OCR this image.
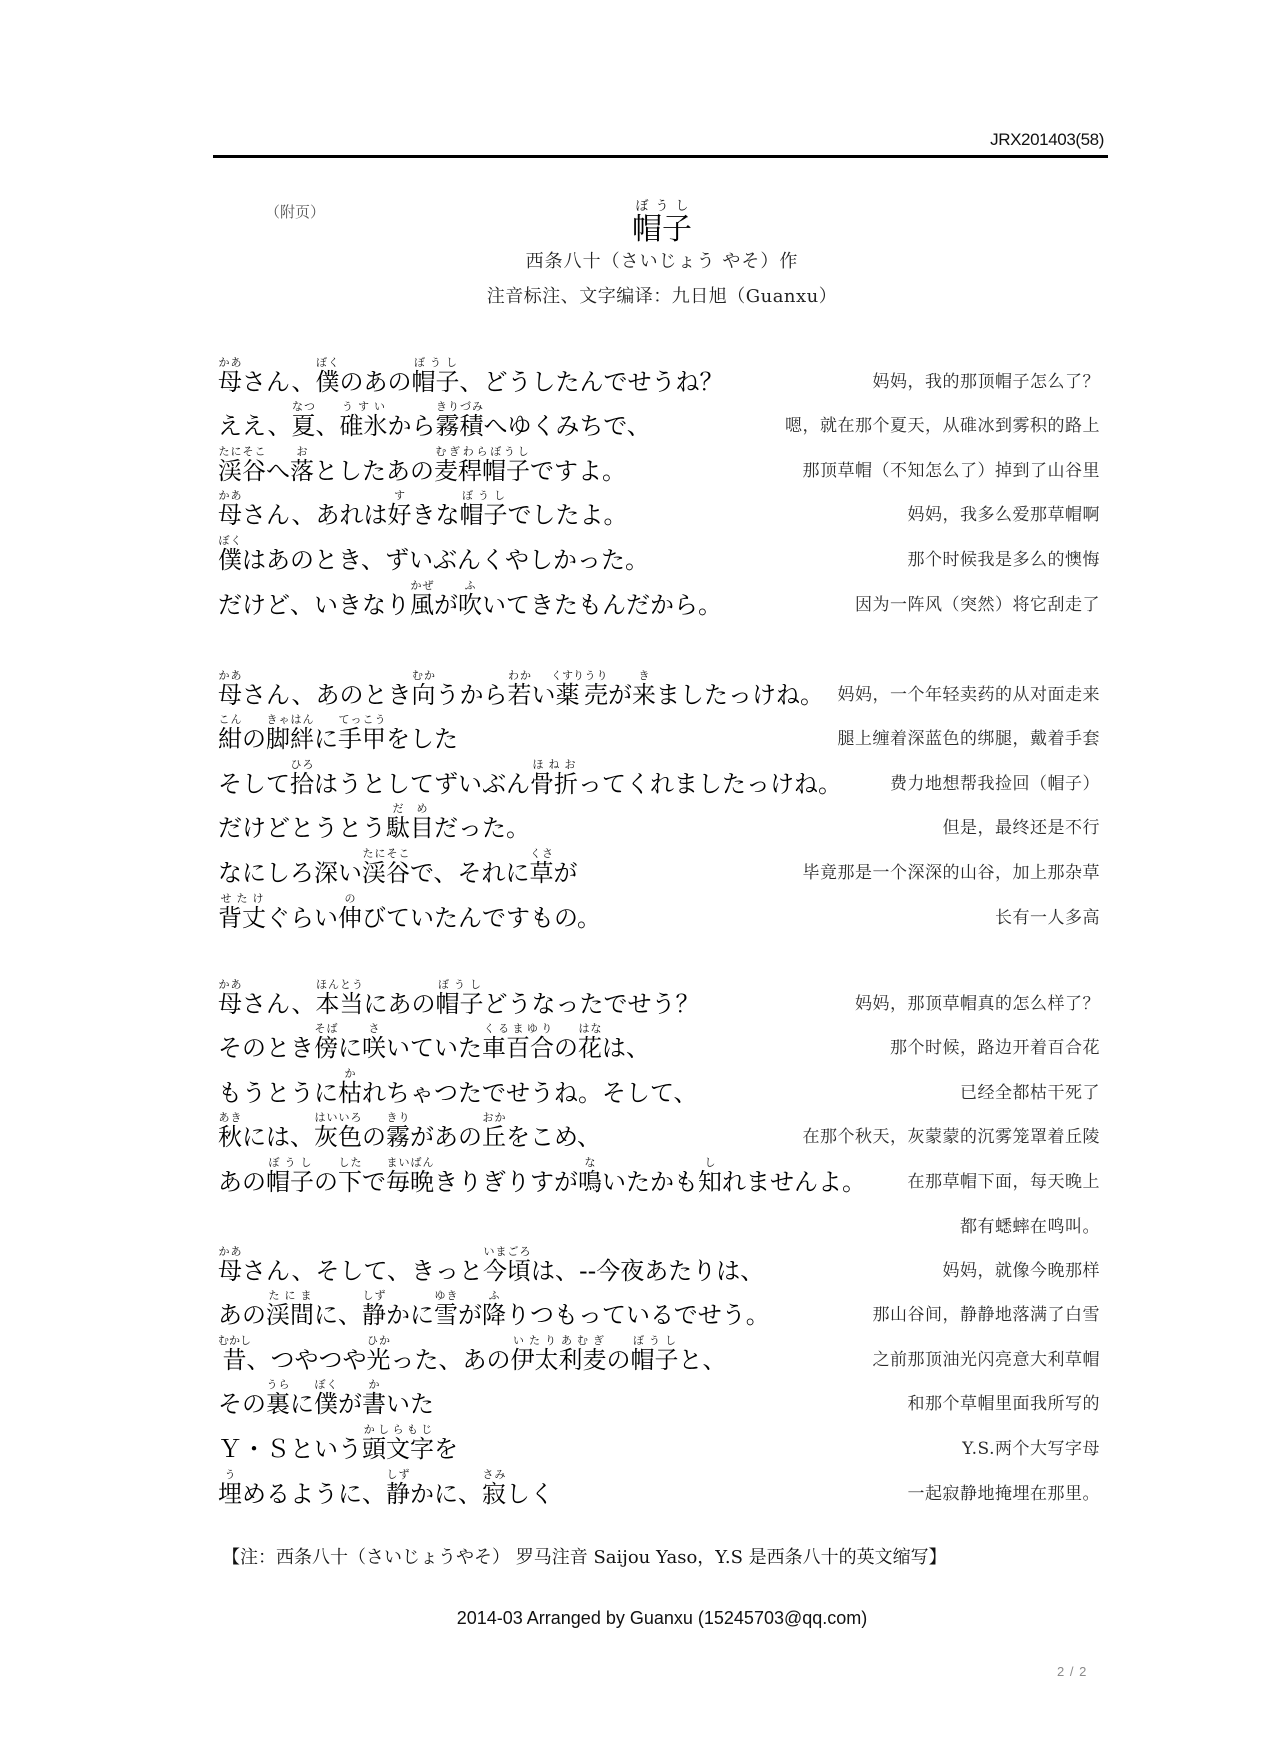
JRX201403(58)
（附页）	帽子ぼうし
西条八十（さいじょう やそ）作
注音标注、文字编译：九日旭（Guanxu）
母かあさん、僕ぼくのあの帽子ぼうし、どうしたんでせうね？	妈妈，我的那顶帽子怎么了？
ええ、夏なつ、碓氷うすいから霧積きりづみへゆくみちで、	嗯，就在那个夏天，从碓冰到雾积的路上
渓谷たにそこへ落おとしたあの麦稈帽子むぎわらぼうしですよ。	那顶草帽（不知怎么了）掉到了山谷里
母かあさん、あれは好すきな帽子ぼうしでしたよ。	妈妈，我多么爱那草帽啊
僕ぼくはあのとき、ずいぶんくやしかった。	那个时候我是多么的懊悔
だけど、いきなり風かぜが吹ふいてきたもんだから。	因为一阵风（突然）将它刮走了
母かあさん、あのとき向むかうから若わかい薬くすり売うりが来きましたっけね。 妈妈，一个年轻卖药的从对面走来
紺こんの脚絆きゃはんに手甲てっこうをした	腿上缠着深蓝色的绑腿，戴着手套
そして拾ひろはうとしてずいぶん骨折ほねおってくれましたっけね。	费力地想帮我捡回（帽子）
だけどとうとう駄目だめだった。	但是，最终还是不行
なにしろ深い渓谷たにそこで、それに草くさが	毕竟那是一个深深的山谷，加上那杂草
背丈せたけぐらい伸のびていたんですもの。	长有一人多高
母かあさん、本当ほんとうにあの帽子ぼうしどうなったでせう？	妈妈，那顶草帽真的怎么样了？
そのとき傍そばに咲さいていた車百合くるまゆりの花はなは、	那个时候，路边开着百合花
もうとうに枯かれちゃつたでせうね。そして、	已经全都枯干死了
秋あきには、灰色はいいろの霧きりがあの丘おかをこめ、	在那个秋天，灰蒙蒙的沉雾笼罩着丘陵
あの帽子ぼうしの下したで毎晩まいばんきりぎりすが鳴ないたかも知しれませんよ。 在那草帽下面，每天晚上
都有蟋蟀在鸣叫。
母かあさん、そして、きっと今頃いまごろは、--今夜あたりは、	妈妈，就像今晚那样
あの渓間たにまに、静しずかに雪ゆきが降ふりつもっているでせう。	那山谷间，静静地落满了白雪
昔むかし、つやつや光ひかった、あの伊太利麦いたりあむぎの帽子ぼうしと、	之前那顶油光闪亮意大利草帽
その裏うらに僕ぼくが書かいた	和那个草帽里面我所写的
Ｙ・Ｓという頭文字かしらもじを	Y.S.两个大写字母
埋うめるように、静しずかに、寂さみしく	一起寂静地掩埋在那里。
【注：西条八十（さいじょうやそ） 罗马注音 Saijou Yaso，Y.S 是西条八十的英文缩写】
2014-03 Arranged by Guanxu (15245703@qq.com)
2 / 2
